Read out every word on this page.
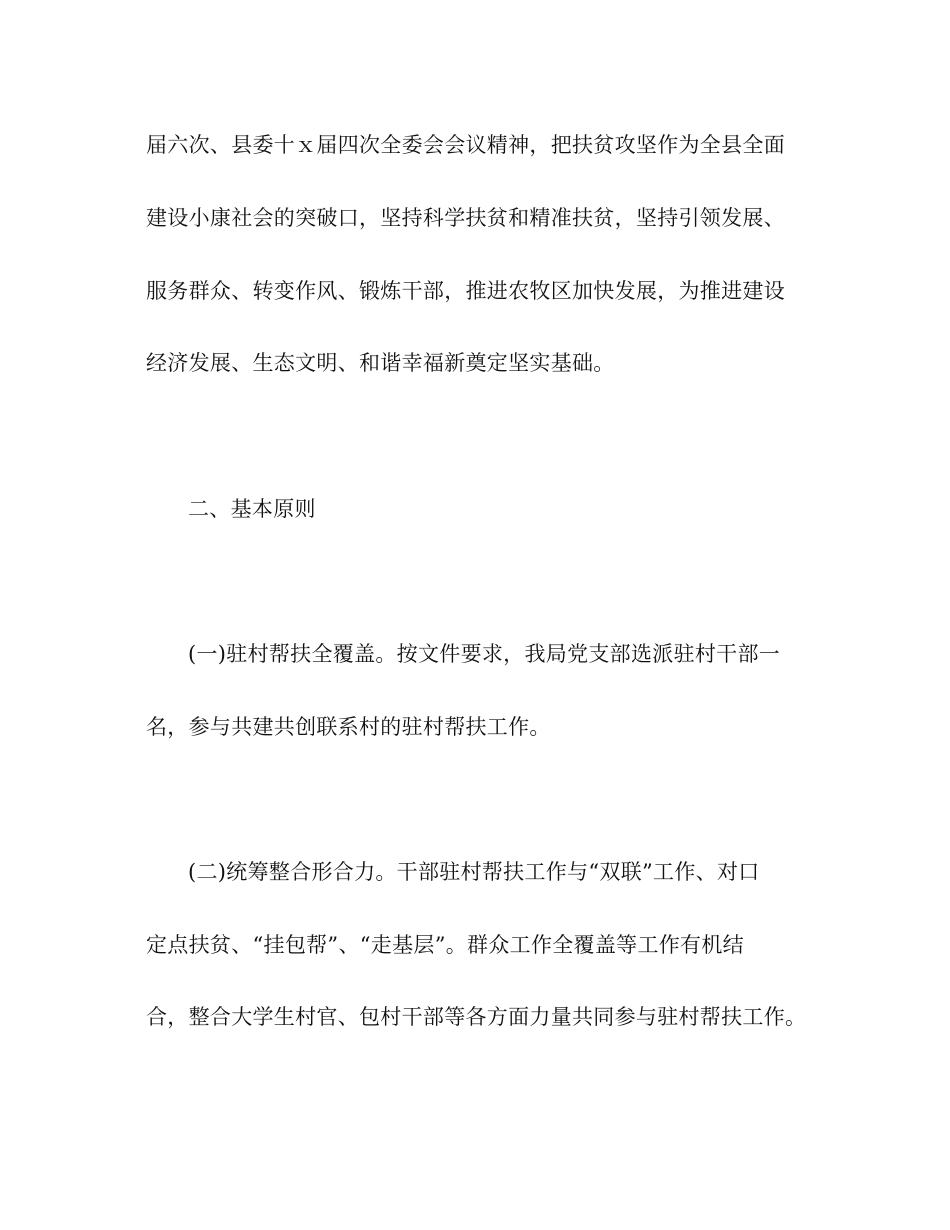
届六次、县委十ｘ届四次全委会会议精神，把扶贫攻坚作为全县全面
建设小康社会的突破口，坚持科学扶贫和精准扶贫，坚持引领发展、
服务群众、转变作风、锻炼干部，推进农牧区加快发展，为推进建设
经济发展、生态文明、和谐幸福新奠定坚实基础。
二、基本原则
(一)驻村帮扶全覆盖。按文件要求，我局党支部选派驻村干部一
名，参与共建共创联系村的驻村帮扶工作。
(二)统筹整合形合力。干部驻村帮扶工作与“双联”工作、对口
定点扶贫、“挂包帮”、“走基层”。群众工作全覆盖等工作有机结
合，整合大学生村官、包村干部等各方面力量共同参与驻村帮扶工作。
